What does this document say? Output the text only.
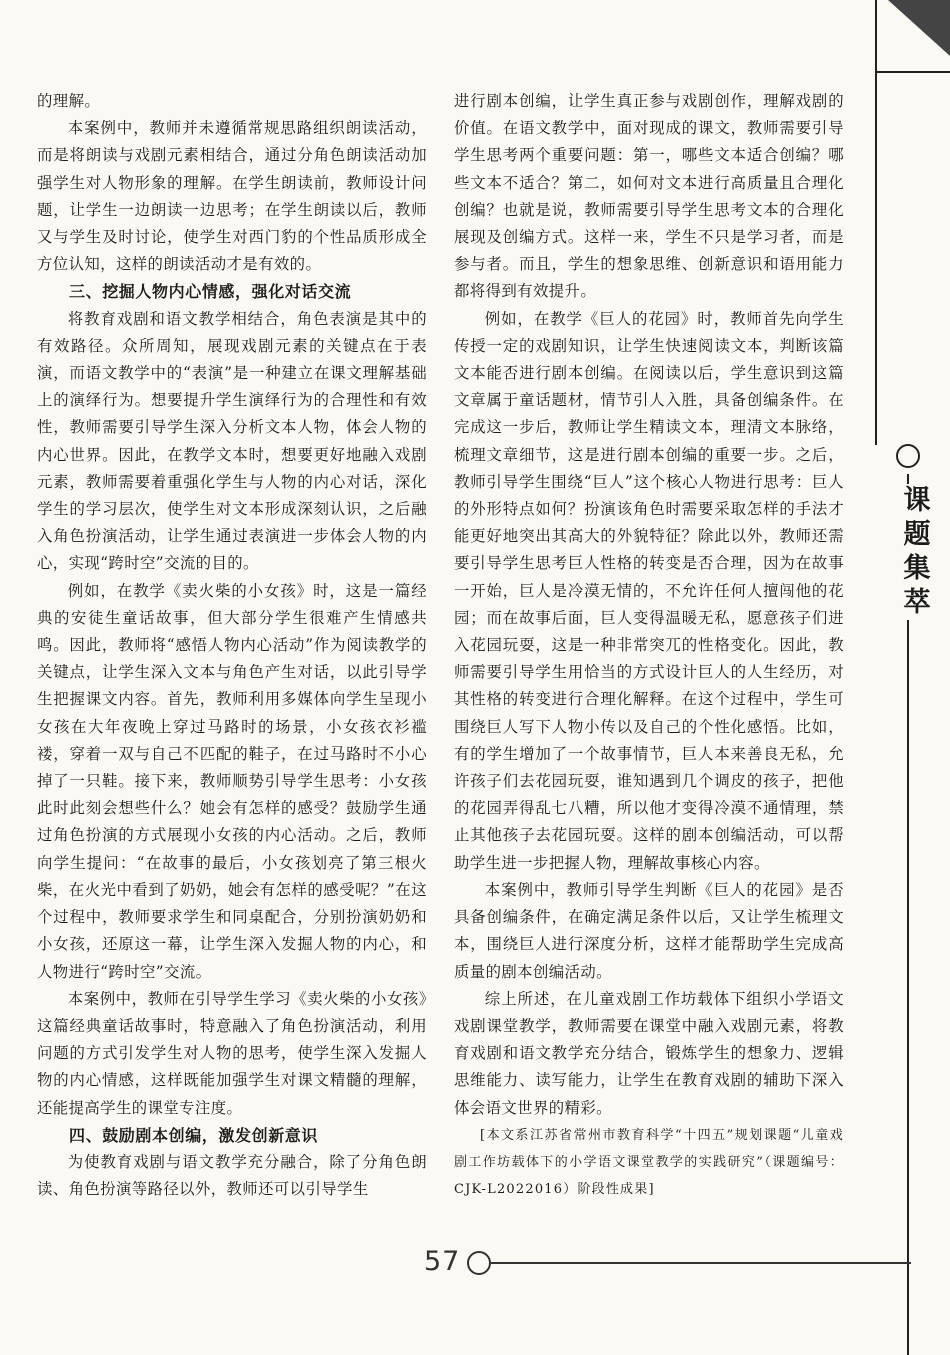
课
题
集
萃

的理解。

本案例中，教师并未遵循常规思路组织朗读活动，而是将朗读与戏剧元素相结合，通过分角色朗读活动加强学生对人物形象的理解。在学生朗读前，教师设计问题，让学生一边朗读一边思考；在学生朗读以后，教师又与学生及时讨论，使学生对西门豹的个性品质形成全方位认知，这样的朗读活动才是有效的。

三、挖掘人物内心情感，强化对话交流

将教育戏剧和语文教学相结合，角色表演是其中的有效路径。众所周知，展现戏剧元素的关键点在于表演，而语文教学中的“表演”是一种建立在课文理解基础上的演绎行为。想要提升学生演绎行为的合理性和有效性，教师需要引导学生深入分析文本人物，体会人物的内心世界。因此，在教学文本时，想要更好地融入戏剧元素，教师需要着重强化学生与人物的内心对话，深化学生的学习层次，使学生对文本形成深刻认识，之后融入角色扮演活动，让学生通过表演进一步体会人物的内心，实现“跨时空”交流的目的。

例如，在教学《卖火柴的小女孩》时，这是一篇经典的安徒生童话故事，但大部分学生很难产生情感共鸣。因此，教师将“感悟人物内心活动”作为阅读教学的关键点，让学生深入文本与角色产生对话，以此引导学生把握课文内容。首先，教师利用多媒体向学生呈现小女孩在大年夜晚上穿过马路时的场景，小女孩衣衫褴褛，穿着一双与自己不匹配的鞋子，在过马路时不小心掉了一只鞋。接下来，教师顺势引导学生思考：小女孩此时此刻会想些什么？她会有怎样的感受？鼓励学生通过角色扮演的方式展现小女孩的内心活动。之后，教师向学生提问：“在故事的最后，小女孩划亮了第三根火柴，在火光中看到了奶奶，她会有怎样的感受呢？”在这个过程中，教师要求学生和同桌配合，分别扮演奶奶和小女孩，还原这一幕，让学生深入发掘人物的内心，和人物进行“跨时空”交流。

本案例中，教师在引导学生学习《卖火柴的小女孩》这篇经典童话故事时，特意融入了角色扮演活动，利用问题的方式引发学生对人物的思考，使学生深入发掘人物的内心情感，这样既能加强学生对课文精髓的理解，还能提高学生的课堂专注度。

四、鼓励剧本创编，激发创新意识

为使教育戏剧与语文教学充分融合，除了分角色朗读、角色扮演等路径以外，教师还可以引导学生

进行剧本创编，让学生真正参与戏剧创作，理解戏剧的价值。在语文教学中，面对现成的课文，教师需要引导学生思考两个重要问题：第一，哪些文本适合创编？哪些文本不适合？第二，如何对文本进行高质量且合理化创编？也就是说，教师需要引导学生思考文本的合理化展现及创编方式。这样一来，学生不只是学习者，而是参与者。而且，学生的想象思维、创新意识和语用能力都将得到有效提升。

例如，在教学《巨人的花园》时，教师首先向学生传授一定的戏剧知识，让学生快速阅读文本，判断该篇文本能否进行剧本创编。在阅读以后，学生意识到这篇文章属于童话题材，情节引人入胜，具备创编条件。在完成这一步后，教师让学生精读文本，理清文本脉络，梳理文章细节，这是进行剧本创编的重要一步。之后，教师引导学生围绕“巨人”这个核心人物进行思考：巨人的外形特点如何？扮演该角色时需要采取怎样的手法才能更好地突出其高大的外貌特征？除此以外，教师还需要引导学生思考巨人性格的转变是否合理，因为在故事一开始，巨人是冷漠无情的，不允许任何人擅闯他的花园；而在故事后面，巨人变得温暖无私，愿意孩子们进入花园玩耍，这是一种非常突兀的性格变化。因此，教师需要引导学生用恰当的方式设计巨人的人生经历，对其性格的转变进行合理化解释。在这个过程中，学生可围绕巨人写下人物小传以及自己的个性化感悟。比如，有的学生增加了一个故事情节，巨人本来善良无私，允许孩子们去花园玩耍，谁知遇到几个调皮的孩子，把他的花园弄得乱七八糟，所以他才变得冷漠不通情理，禁止其他孩子去花园玩耍。这样的剧本创编活动，可以帮助学生进一步把握人物，理解故事核心内容。

本案例中，教师引导学生判断《巨人的花园》是否具备创编条件，在确定满足条件以后，又让学生梳理文本，围绕巨人进行深度分析，这样才能帮助学生完成高质量的剧本创编活动。

综上所述，在儿童戏剧工作坊载体下组织小学语文戏剧课堂教学，教师需要在课堂中融入戏剧元素，将教育戏剧和语文教学充分结合，锻炼学生的想象力、逻辑思维能力、读写能力，让学生在教育戏剧的辅助下深入体会语文世界的精彩。

[本文系江苏省常州市教育科学“十四五”规划课题“儿童戏剧工作坊载体下的小学语文课堂教学的实践研究”（课题编号：CJK-L2022016）阶段性成果]

57
